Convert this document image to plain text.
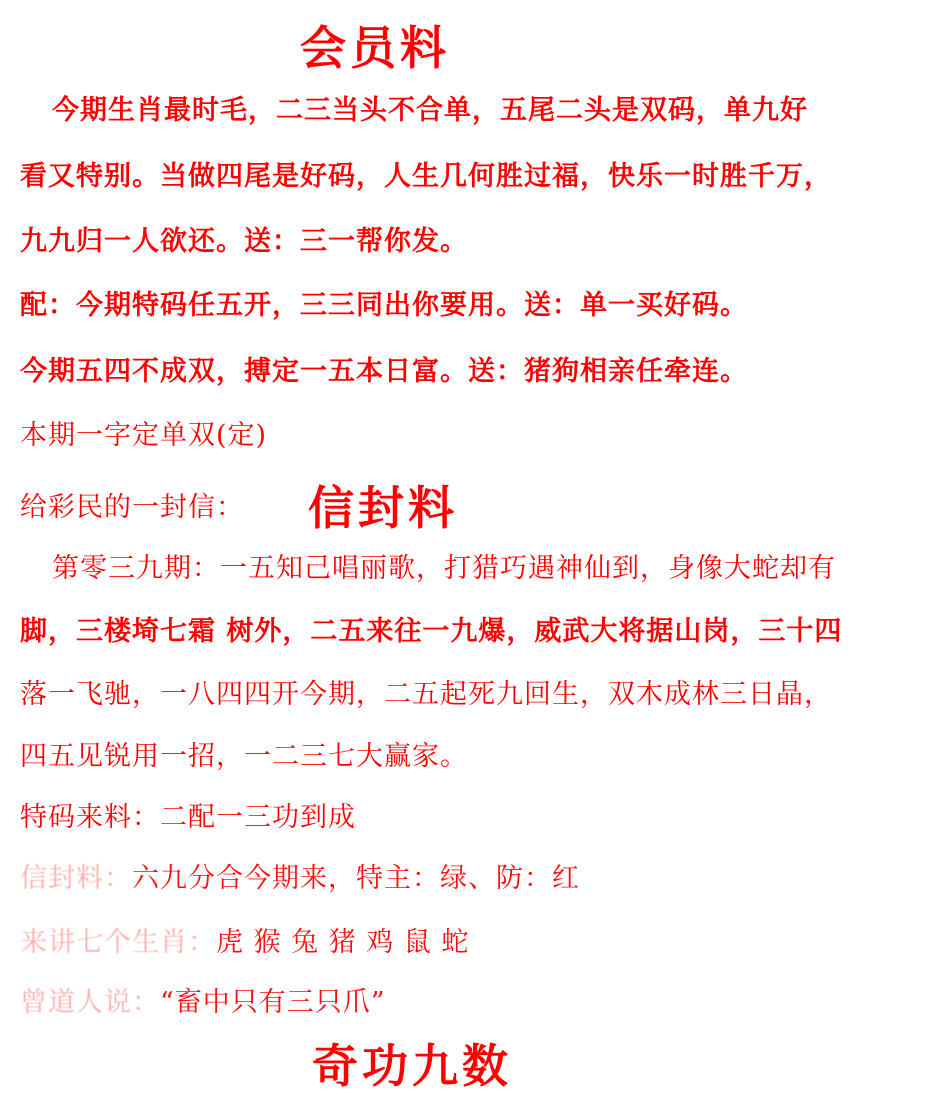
会员料
今期生肖最时毛，二三当头不合单，五尾二头是双码，单九好
看又特别。当做四尾是好码，人生几何胜过福，快乐一时胜千万，
九九归一人欲还。送：三一帮你发。
配：今期特码任五开，三三同出你要用。送：单一买好码。
今期五四不成双，搏定一五本日富。送：猪狗相亲任牵连。
本期一字定单双(定)
给彩民的一封信： 信封料
第零三九期：一五知己唱丽歌，打猎巧遇神仙到，身像大蛇却有
脚，三楼埼七霜 树外，二五来往一九爆，威武大将据山岗，三十四
落一飞驰，一八四四开今期，二五起死九回生，双木成林三日晶，
四五见锐用一招，一二三七大赢家。
特码来料：二配一三功到成
信封料：六九分合今期来，特主：绿、防：红
来讲七个生肖：虎 猴 兔 猪 鸡 鼠 蛇
曾道人说：“畜中只有三只爪”
奇功九数
